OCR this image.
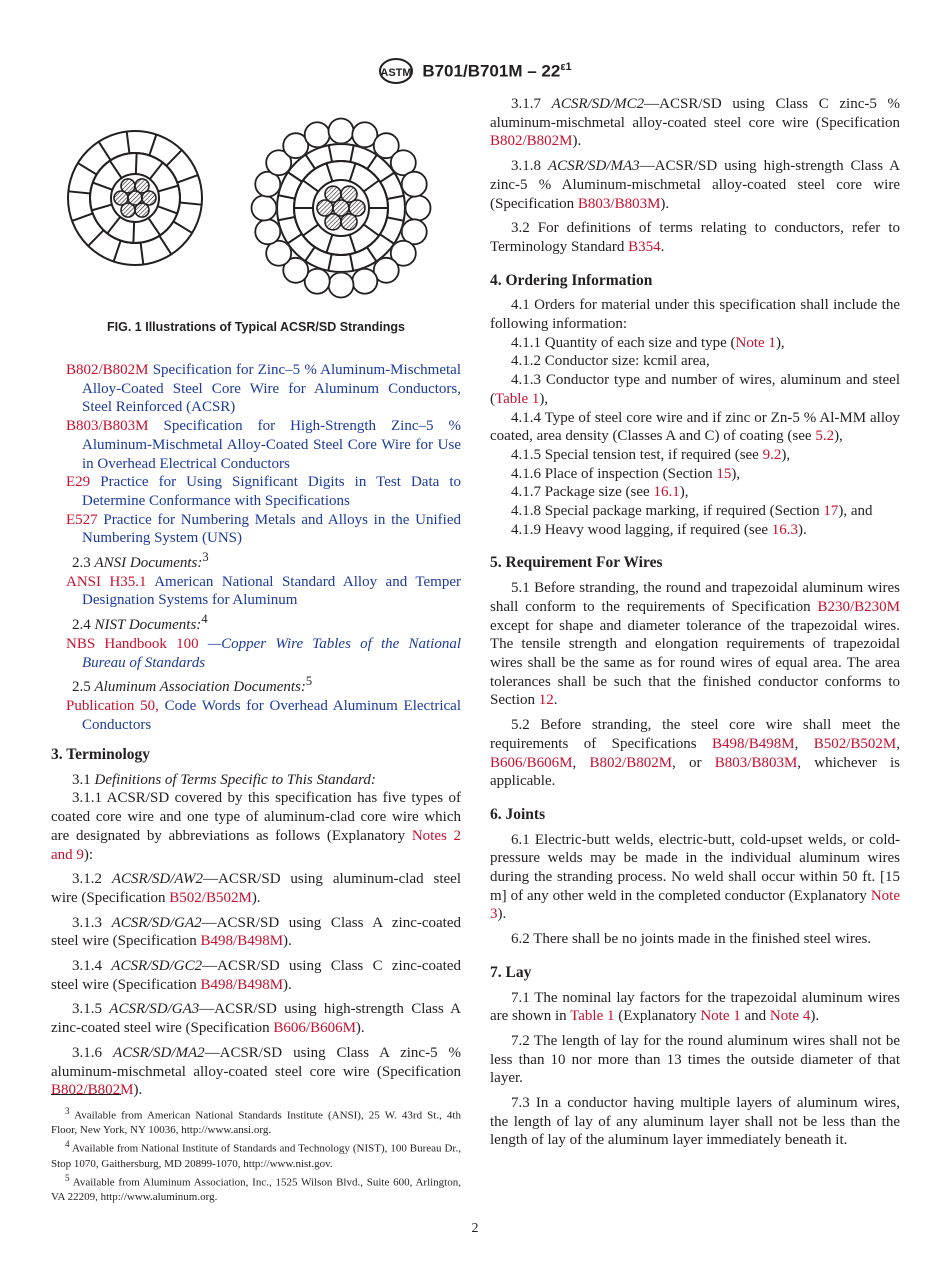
ASTM $B701/B701M - 22^{\varepsilon 1}$
FIG. 1 Illustrations of Typical ACSR/SD Strandings

B802/B802M Specification for Zinc–5 % Aluminum-Mischmetal Alloy-Coated Steel Core Wire for Aluminum Conductors, Steel Reinforced (ACSR)

B803/B803M Specification for High-Strength Zinc–5 % Aluminum-Mischmetal Alloy-Coated Steel Core Wire for Use in Overhead Electrical Conductors

E29 Practice for Using Significant Digits in Test Data to Determine Conformance with Specifications

E527 Practice for Numbering Metals and Alloys in the Unified Numbering System (UNS)

2.3 ANSI Documents:$^3$

ANSI H35.1 American National Standard Alloy and Temper Designation Systems for Aluminum

2.4 NIST Documents:$^4$

NBS Handbook 100 —Copper Wire Tables of the National Bureau of Standards

2.5 Aluminum Association Documents:$^5$

Publication 50, Code Words for Overhead Aluminum Electrical Conductors

3. Terminology

3.1 Definitions of Terms Specific to This Standard:

3.1.1 ACSR/SD covered by this specification has five types of coated core wire and one type of aluminum-clad core wire which are designated by abbreviations as follows (Explanatory Notes 2 and 9):

3.1.2 ACSR/SD/AW2—ACSR/SD using aluminum-clad steel wire (Specification B502/B502M).

3.1.3 ACSR/SD/GA2—ACSR/SD using Class A zinc-coated steel wire (Specification B498/B498M).

3.1.4 ACSR/SD/GC2—ACSR/SD using Class C zinc-coated steel wire (Specification B498/B498M).

3.1.5 ACSR/SD/GA3—ACSR/SD using high-strength Class A zinc-coated steel wire (Specification B606/B606M).

3.1.6 ACSR/SD/MA2—ACSR/SD using Class A zinc-5 % aluminum-mischmetal alloy-coated steel core wire (Specification B802/B802M).

$^3$ Available from American National Standards Institute (ANSI), 25 W. 43rd St., 4th Floor, New York, NY 10036, http://www.ansi.org.

$^4$ Available from National Institute of Standards and Technology (NIST), 100 Bureau Dr., Stop 1070, Gaithersburg, MD 20899-1070, http://www.nist.gov.

$^5$ Available from Aluminum Association, Inc., 1525 Wilson Blvd., Suite 600, Arlington, VA 22209, http://www.aluminum.org.

3.1.7 ACSR/SD/MC2—ACSR/SD using Class C zinc-5 % aluminum-mischmetal alloy-coated steel core wire (Specification B802/B802M).

3.1.8 ACSR/SD/MA3—ACSR/SD using high-strength Class A zinc-5 % Aluminum-mischmetal alloy-coated steel core wire (Specification B803/B803M).

3.2 For definitions of terms relating to conductors, refer to Terminology Standard B354.

4. Ordering Information

4.1 Orders for material under this specification shall include the following information:

4.1.1 Quantity of each size and type (Note 1),

4.1.2 Conductor size: kcmil area,

4.1.3 Conductor type and number of wires, aluminum and steel (Table 1),

4.1.4 Type of steel core wire and if zinc or Zn-5 % Al-MM alloy coated, area density (Classes A and C) of coating (see 5.2),

4.1.5 Special tension test, if required (see 9.2),

4.1.6 Place of inspection (Section 15),

4.1.7 Package size (see 16.1),

4.1.8 Special package marking, if required (Section 17), and

4.1.9 Heavy wood lagging, if required (see 16.3).

5. Requirement For Wires

5.1 Before stranding, the round and trapezoidal aluminum wires shall conform to the requirements of Specification B230/B230M except for shape and diameter tolerance of the trapezoidal wires. The tensile strength and elongation requirements of trapezoidal wires shall be the same as for round wires of equal area. The area tolerances shall be such that the finished conductor conforms to Section 12.

5.2 Before stranding, the steel core wire shall meet the requirements of Specifications B498/B498M, B502/B502M, B606/B606M, B802/B802M, or B803/B803M, whichever is applicable.

6. Joints

6.1 Electric-butt welds, electric-butt, cold-upset welds, or cold-pressure welds may be made in the individual aluminum wires during the stranding process. No weld shall occur within 50 ft. [15 m] of any other weld in the completed conductor (Explanatory Note 3).

6.2 There shall be no joints made in the finished steel wires.

7. Lay

7.1 The nominal lay factors for the trapezoidal aluminum wires are shown in Table 1 (Explanatory Note 1 and Note 4).

7.2 The length of lay for the round aluminum wires shall not be less than 10 nor more than 13 times the outside diameter of that layer.

7.3 In a conductor having multiple layers of aluminum wires, the length of lay of any aluminum layer shall not be less than the length of lay of the aluminum layer immediately beneath it.

2
